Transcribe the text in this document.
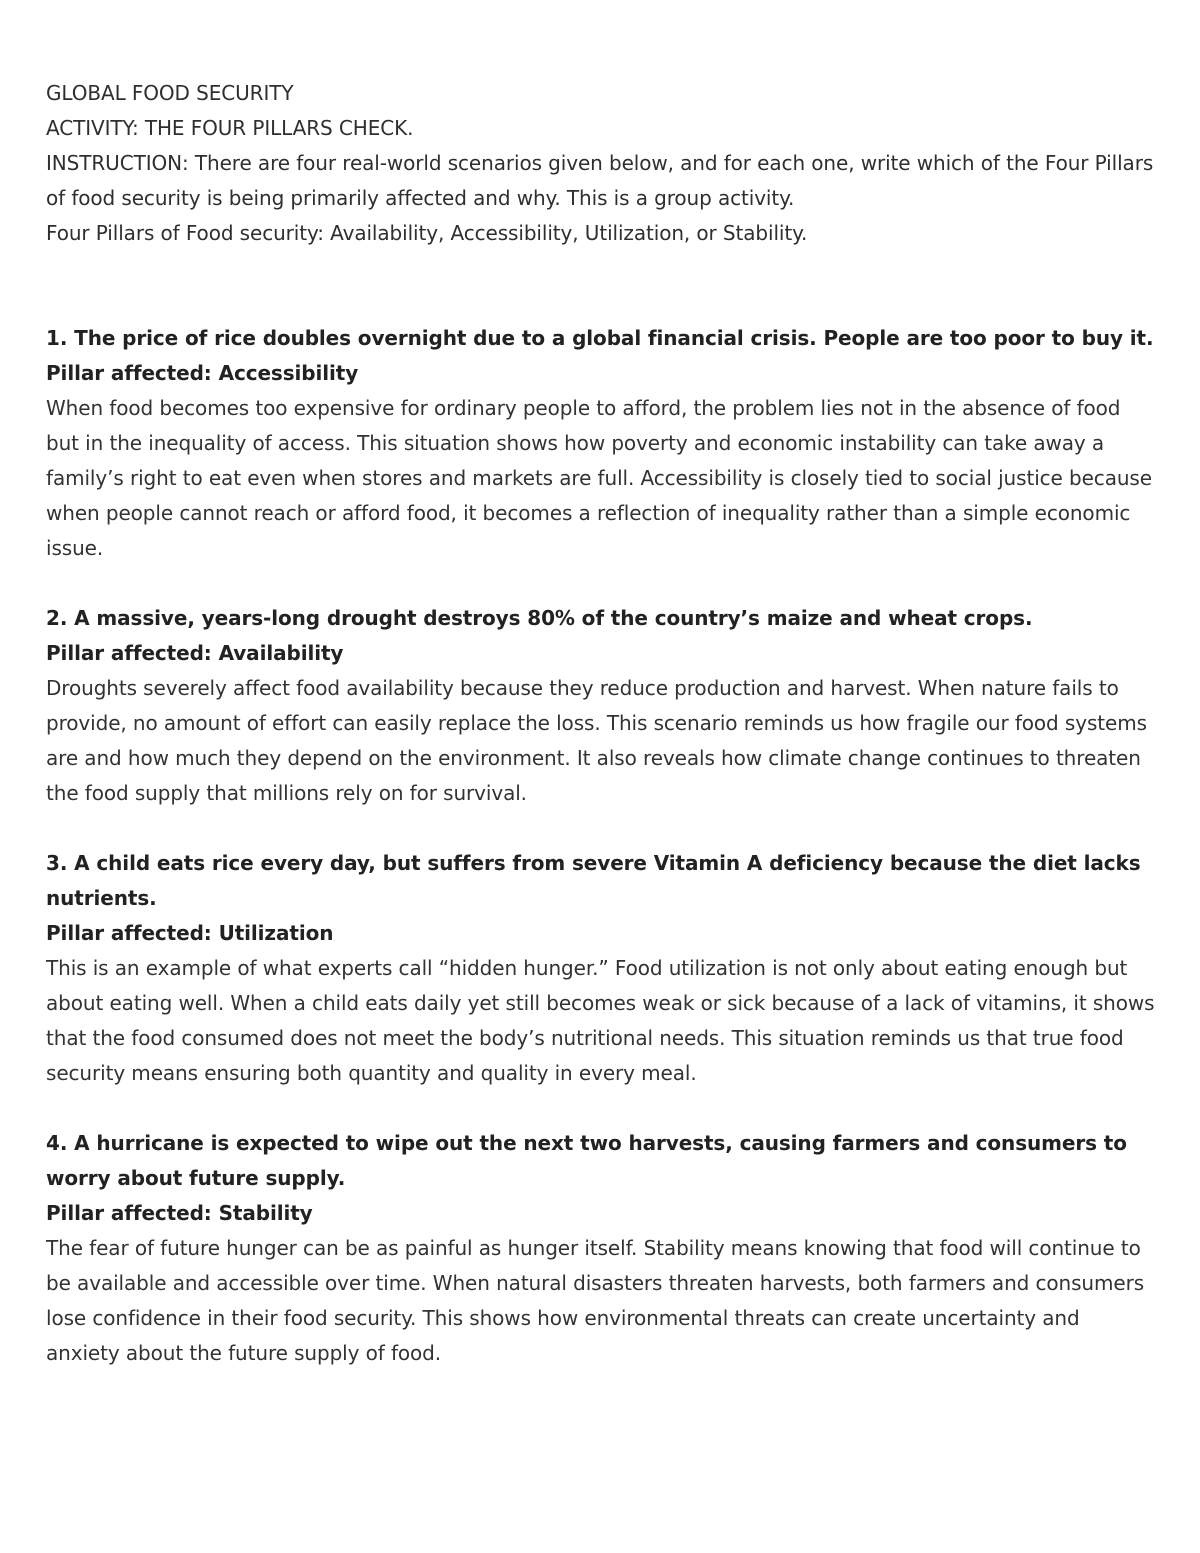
GLOBAL FOOD SECURITY

ACTIVITY: THE FOUR PILLARS CHECK.

INSTRUCTION: There are four real-world scenarios given below, and for each one, write which of the Four Pillars of food security is being primarily affected and why. This is a group activity.

Four Pillars of Food security: Availability, Accessibility, Utilization, or Stability.

1. The price of rice doubles overnight due to a global financial crisis. People are too poor to buy it.

Pillar affected: Accessibility

When food becomes too expensive for ordinary people to afford, the problem lies not in the absence of food but in the inequality of access. This situation shows how poverty and economic instability can take away a family’s right to eat even when stores and markets are full. Accessibility is closely tied to social justice because when people cannot reach or afford food, it becomes a reflection of inequality rather than a simple economic issue.

2. A massive, years-long drought destroys 80% of the country’s maize and wheat crops.

Pillar affected: Availability

Droughts severely affect food availability because they reduce production and harvest. When nature fails to provide, no amount of effort can easily replace the loss. This scenario reminds us how fragile our food systems are and how much they depend on the environment. It also reveals how climate change continues to threaten the food supply that millions rely on for survival.

3. A child eats rice every day, but suffers from severe Vitamin A deficiency because the diet lacks nutrients.

Pillar affected: Utilization

This is an example of what experts call “hidden hunger.” Food utilization is not only about eating enough but about eating well. When a child eats daily yet still becomes weak or sick because of a lack of vitamins, it shows that the food consumed does not meet the body’s nutritional needs. This situation reminds us that true food security means ensuring both quantity and quality in every meal.

4. A hurricane is expected to wipe out the next two harvests, causing farmers and consumers to worry about future supply.

Pillar affected: Stability

The fear of future hunger can be as painful as hunger itself. Stability means knowing that food will continue to be available and accessible over time. When natural disasters threaten harvests, both farmers and consumers lose confidence in their food security. This shows how environmental threats can create uncertainty and anxiety about the future supply of food.
